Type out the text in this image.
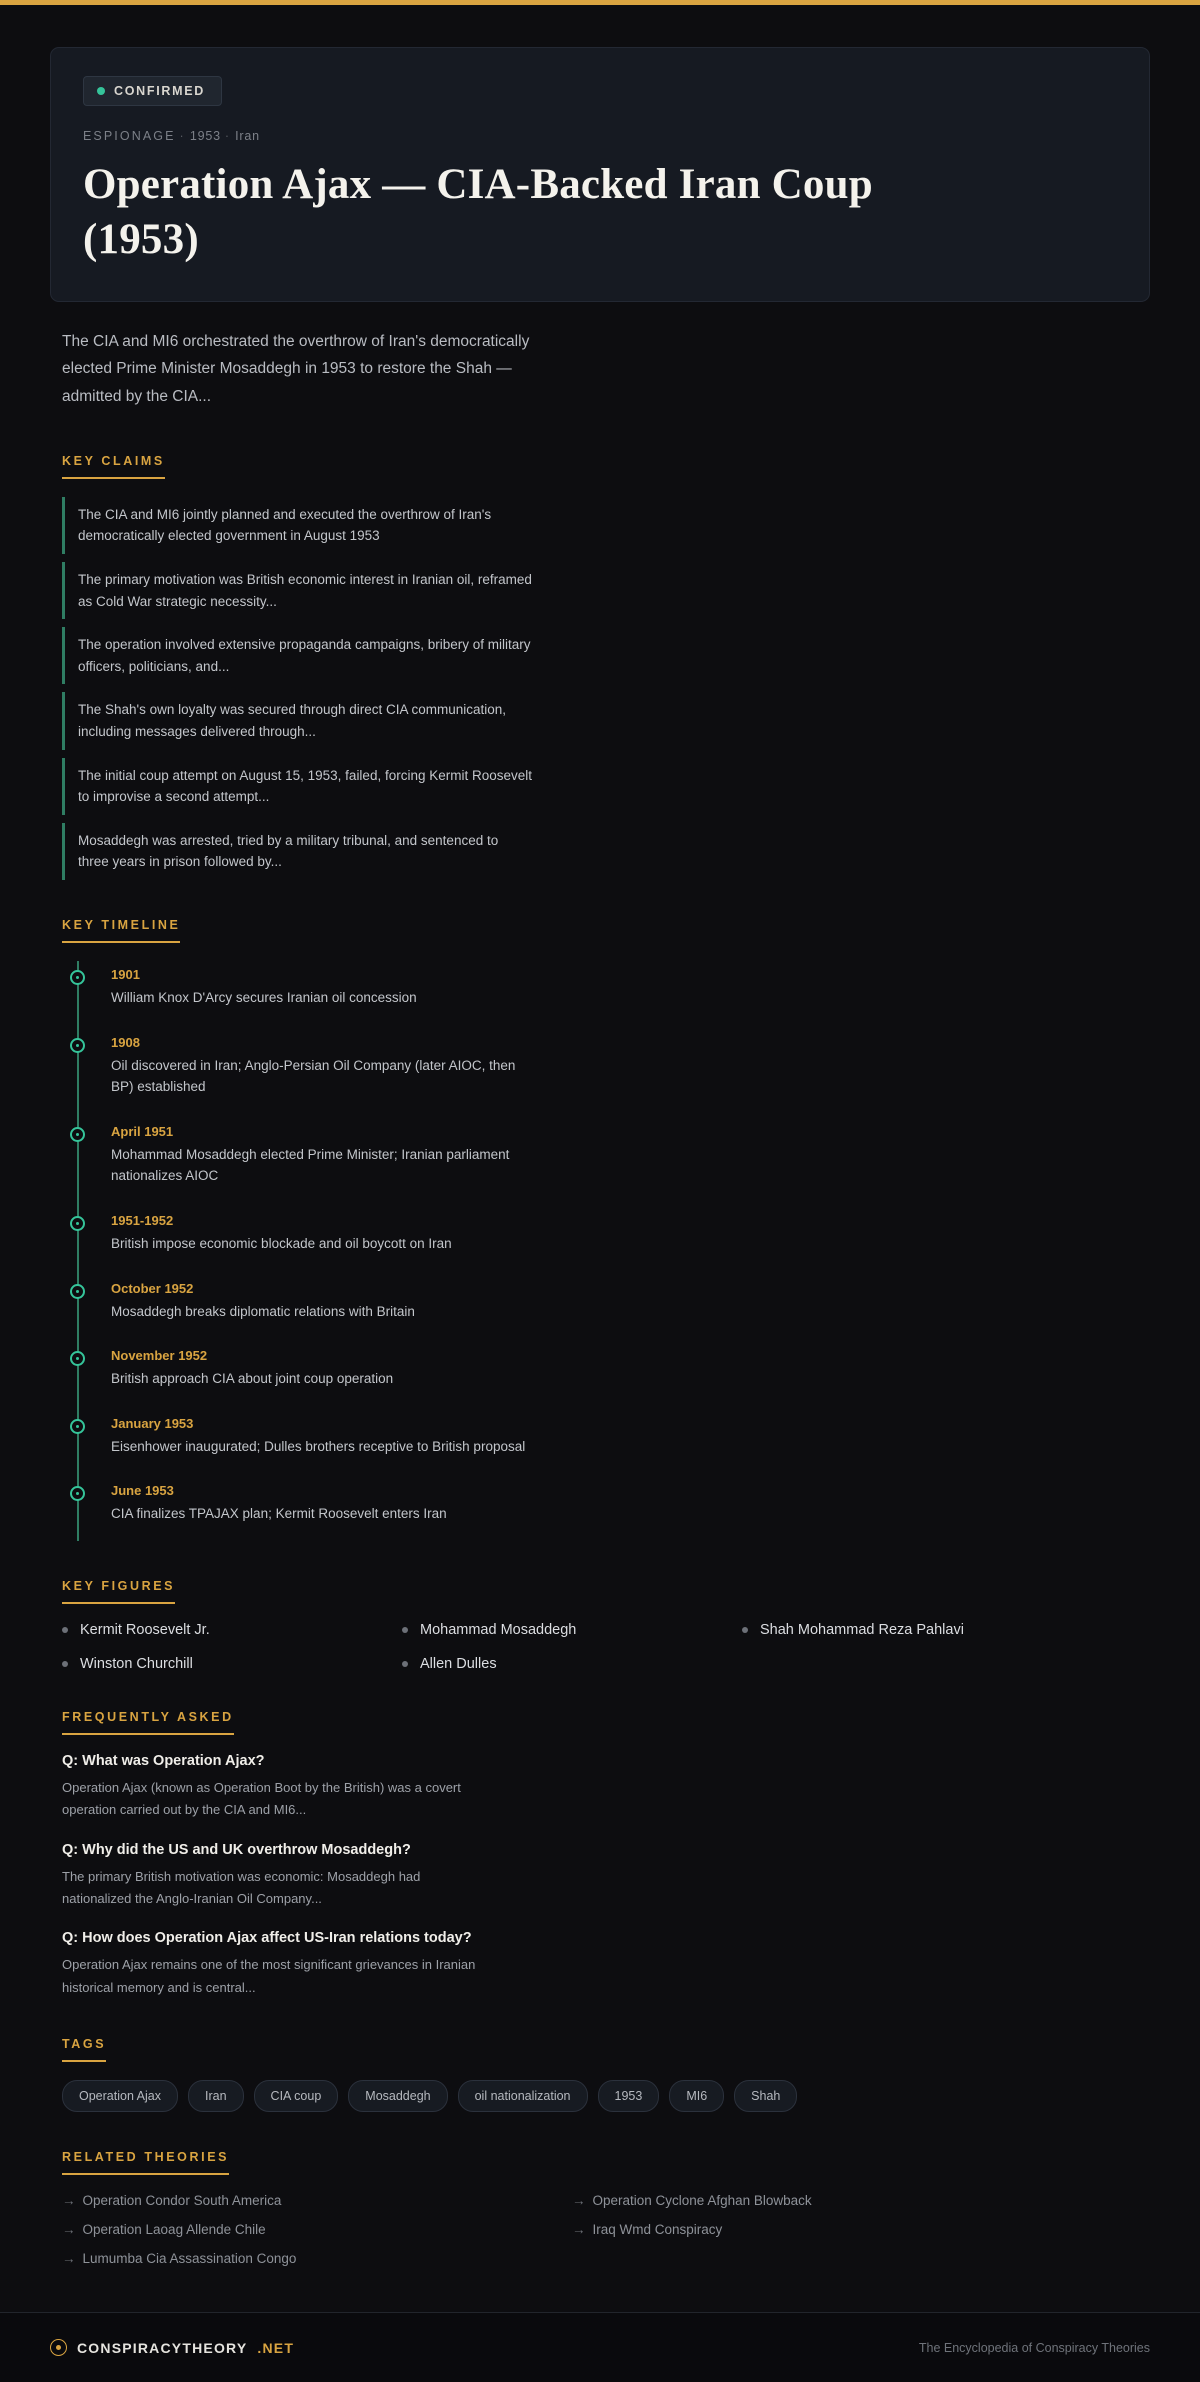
CONFIRMED
ESPIONAGE · 1953 · Iran
Operation Ajax — CIA-Backed Iran Coup (1953)

The CIA and MI6 orchestrated the overthrow of Iran's democratically elected Prime Minister Mosaddegh in 1953 to restore the Shah — admitted by the CIA...

KEY CLAIMS
The CIA and MI6 jointly planned and executed the overthrow of Iran's democratically elected government in August 1953
The primary motivation was British economic interest in Iranian oil, reframed as Cold War strategic necessity...
The operation involved extensive propaganda campaigns, bribery of military officers, politicians, and...
The Shah's own loyalty was secured through direct CIA communication, including messages delivered through...
The initial coup attempt on August 15, 1953, failed, forcing Kermit Roosevelt to improvise a second attempt...
Mosaddegh was arrested, tried by a military tribunal, and sentenced to three years in prison followed by...
KEY TIMELINE
1901
William Knox D'Arcy secures Iranian oil concession
1908
Oil discovered in Iran; Anglo-Persian Oil Company (later AIOC, then BP) established
April 1951
Mohammad Mosaddegh elected Prime Minister; Iranian parliament nationalizes AIOC
1951-1952
British impose economic blockade and oil boycott on Iran
October 1952
Mosaddegh breaks diplomatic relations with Britain
November 1952
British approach CIA about joint coup operation
January 1953
Eisenhower inaugurated; Dulles brothers receptive to British proposal
June 1953
CIA finalizes TPAJAX plan; Kermit Roosevelt enters Iran
KEY FIGURES
Kermit Roosevelt Jr.	Mohammad Mosaddegh	Shah Mohammad Reza Pahlavi
Winston Churchill	Allen Dulles
FREQUENTLY ASKED
Q: What was Operation Ajax?
Operation Ajax (known as Operation Boot by the British) was a covert operation carried out by the CIA and MI6...
Q: Why did the US and UK overthrow Mosaddegh?
The primary British motivation was economic: Mosaddegh had nationalized the Anglo-Iranian Oil Company...
Q: How does Operation Ajax affect US-Iran relations today?
Operation Ajax remains one of the most significant grievances in Iranian historical memory and is central...
TAGS
Operation Ajax	Iran	CIA coup	Mosaddegh	oil nationalization	1953	MI6	Shah
RELATED THEORIES
→ Operation Condor South America	→ Operation Cyclone Afghan Blowback
→ Operation Laoag Allende Chile	→ Iraq Wmd Conspiracy
→ Lumumba Cia Assassination Congo
CONSPIRACYTHEORY .NET	The Encyclopedia of Conspiracy Theories
